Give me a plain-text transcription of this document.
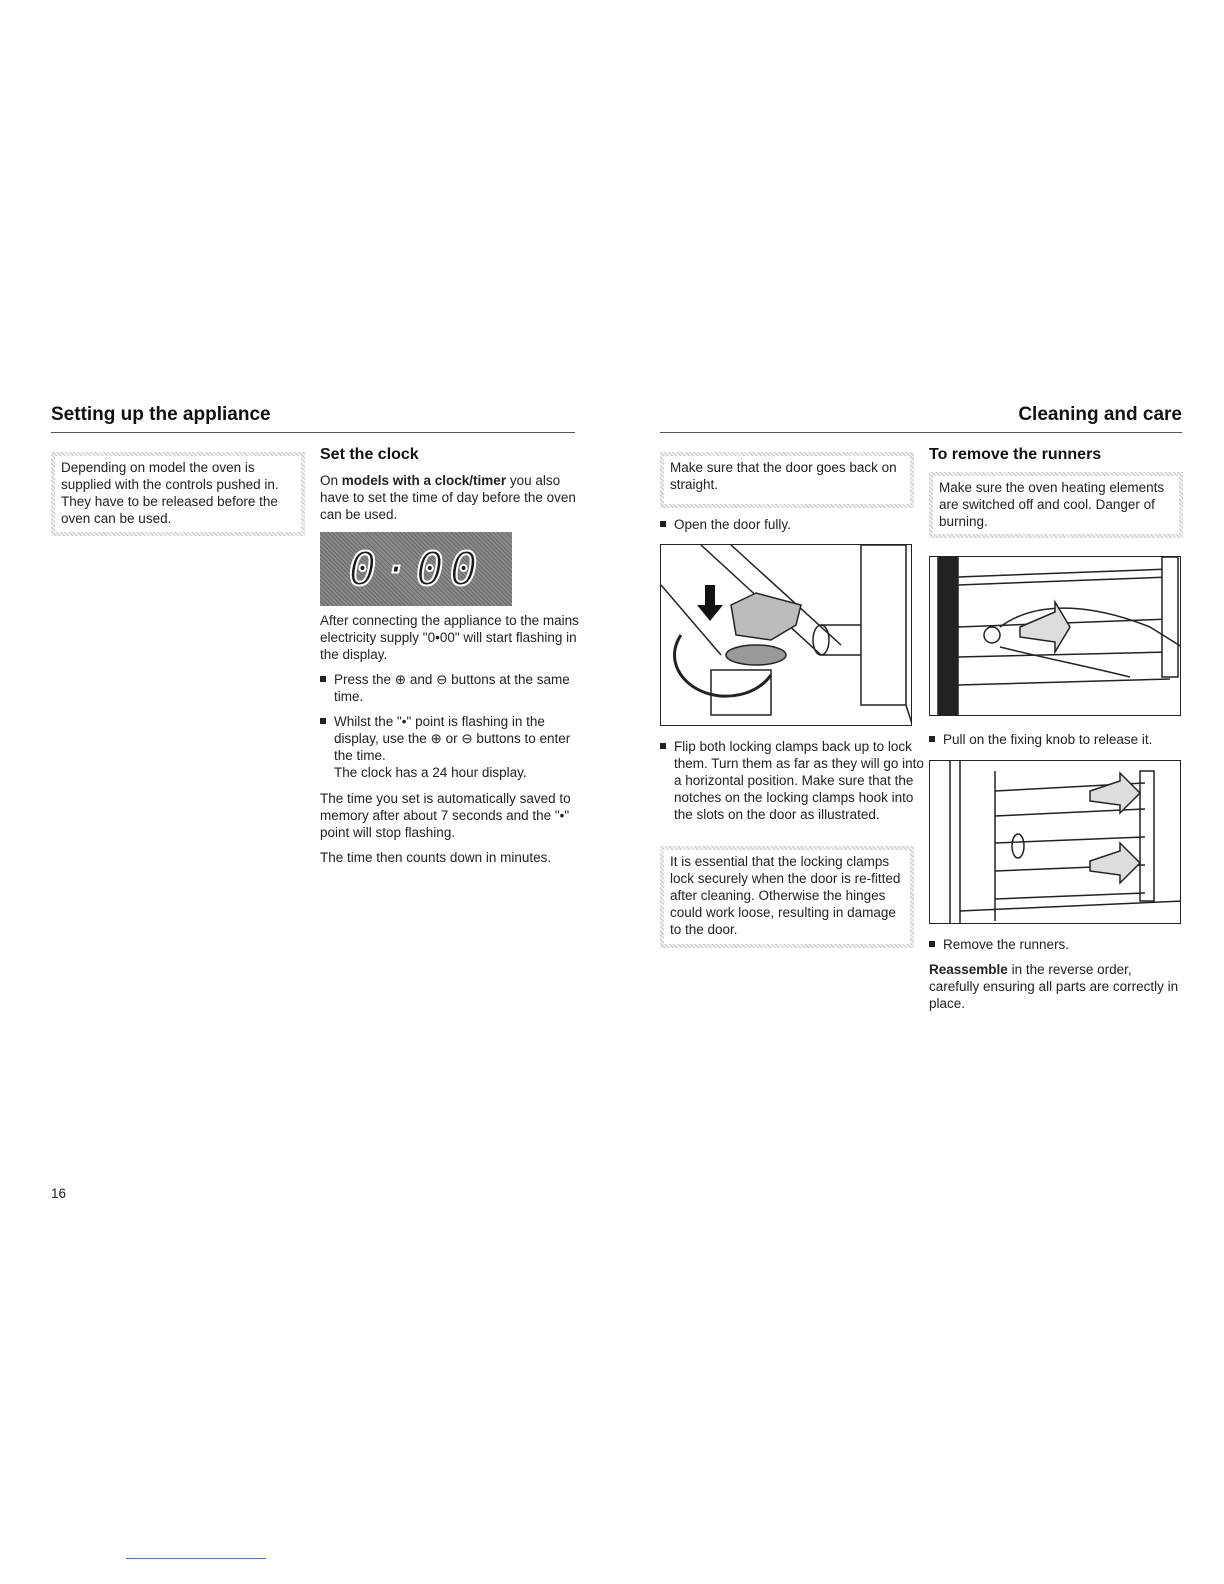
Setting up the appliance
Depending on model the oven is supplied with the controls pushed in. They have to be released before the oven can be used.
Set the clock

On models with a clock/timer you also have to set the time of day before the oven can be used.

0·00

After connecting the appliance to the mains electricity supply "0•00" will start flashing in the display.

Press the ⊕ and ⊖ buttons at the same time.
Whilst the "•" point is flashing in the display, use the ⊕ or ⊖ buttons to enter the time.
The clock has a 24 hour display.

The time you set is automatically saved to memory after about 7 seconds and the "•" point will stop flashing.

The time then counts down in minutes.

16
Cleaning and care
Make sure that the door goes back on straight.
Open the door fully.
Flip both locking clamps back up to lock them. Turn them as far as they will go into a horizontal position. Make sure that the notches on the locking clamps hook into the slots on the door as illustrated.
It is essential that the locking clamps lock securely when the door is re-fitted after cleaning. Otherwise the hinges could work loose, resulting in damage to the door.
To remove the runners
Make sure the oven heating elements are switched off and cool. Danger of burning.
Pull on the fixing knob to release it.
Remove the runners.

Reassemble in the reverse order, carefully ensuring all parts are correctly in place.
